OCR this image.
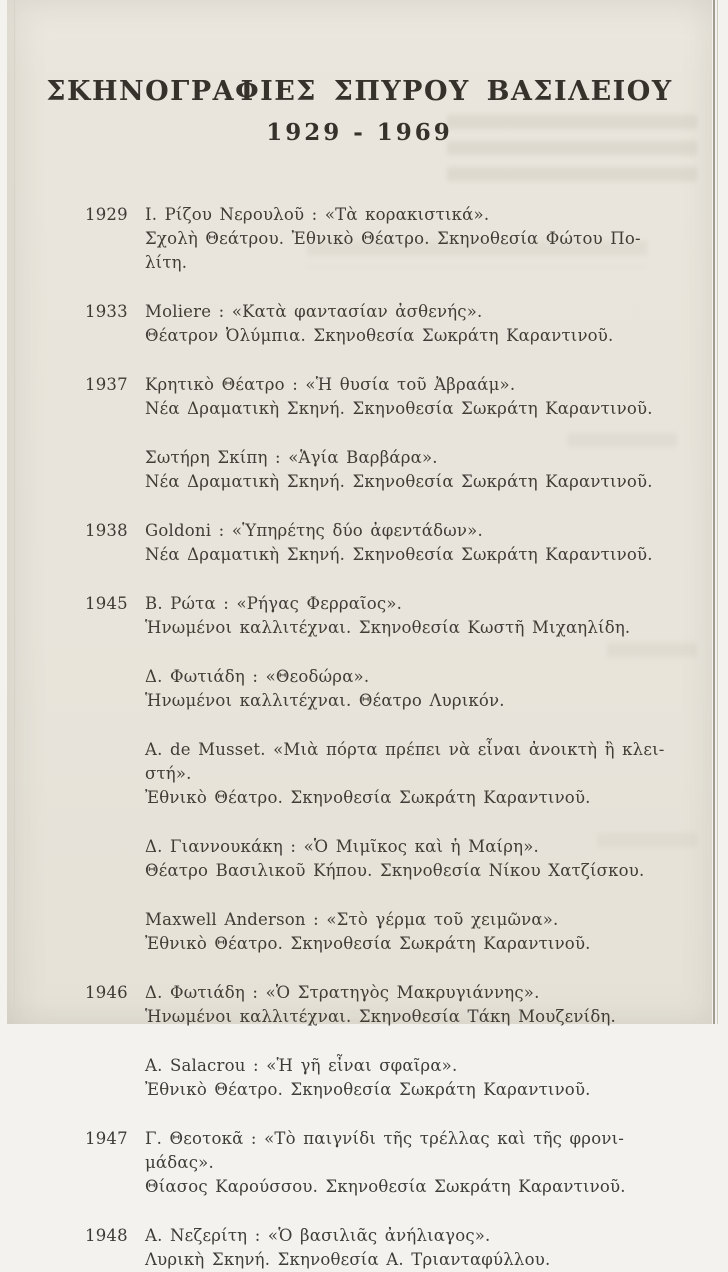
ΣΚΗΝΟΓΡΑΦΙΕΣ ΣΠΥΡΟΥ ΒΑΣΙΛΕΙΟΥ
1929 - 1969
1929	Ι. Ρίζου Νερουλοῦ : «Τὰ κορακιστικά».
Σχολὴ Θεάτρου. Ἐθνικὸ Θέατρο. Σκηνοθεσία Φώτου Πο-
λίτη.
1933	Moliere : «Κατὰ φαντασίαν ἀσθενής».
Θέατρον Ὀλύμπια. Σκηνοθεσία Σωκράτη Καραντινοῦ.
1937	Κρητικὸ Θέατρο : «Ἡ θυσία τοῦ Ἀβραάμ».
Νέα Δραματικὴ Σκηνή. Σκηνοθεσία Σωκράτη Καραντινοῦ.
Σωτήρη Σκίπη : «Ἁγία Βαρβάρα».
Νέα Δραματικὴ Σκηνή. Σκηνοθεσία Σωκράτη Καραντινοῦ.
1938	Goldoni : «Ὑπηρέτης δύο ἀφεντάδων».
Νέα Δραματικὴ Σκηνή. Σκηνοθεσία Σωκράτη Καραντινοῦ.
1945	Β. Ρώτα : «Ρήγας Φερραῖος».
Ἡνωμένοι καλλιτέχναι. Σκηνοθεσία Κωστῆ Μιχαηλίδη.
Δ. Φωτιάδη : «Θεοδώρα».
Ἡνωμένοι καλλιτέχναι. Θέατρο Λυρικόν.
Α. de Musset. «Μιὰ πόρτα πρέπει νὰ εἶναι ἀνοικτὴ ἢ κλει-
στή».
Ἐθνικὸ Θέατρο. Σκηνοθεσία Σωκράτη Καραντινοῦ.
Δ. Γιαννουκάκη : «Ὁ Μιμῖκος καὶ ἡ Μαίρη».
Θέατρο Βασιλικοῦ Κήπου. Σκηνοθεσία Νίκου Χατζίσκου.
Maxwell Anderson : «Στὸ γέρμα τοῦ χειμῶνα».
Ἐθνικὸ Θέατρο. Σκηνοθεσία Σωκράτη Καραντινοῦ.
1946	Δ. Φωτιάδη : «Ὁ Στρατηγὸς Μακρυγιάννης».
Ἡνωμένοι καλλιτέχναι. Σκηνοθεσία Τάκη Μουζενίδη.
Α. Salacrou : «Ἡ γῆ εἶναι σφαῖρα».
Ἐθνικὸ Θέατρο. Σκηνοθεσία Σωκράτη Καραντινοῦ.
1947	Γ. Θεοτοκᾶ : «Τὸ παιγνίδι τῆς τρέλλας καὶ τῆς φρονι-
μάδας».
Θίασος Καρούσσου. Σκηνοθεσία Σωκράτη Καραντινοῦ.
1948	Α. Νεζερίτη : «Ὁ βασιλιᾶς ἀνήλιαγος».
Λυρικὴ Σκηνή. Σκηνοθεσία Α. Τριανταφύλλου.
